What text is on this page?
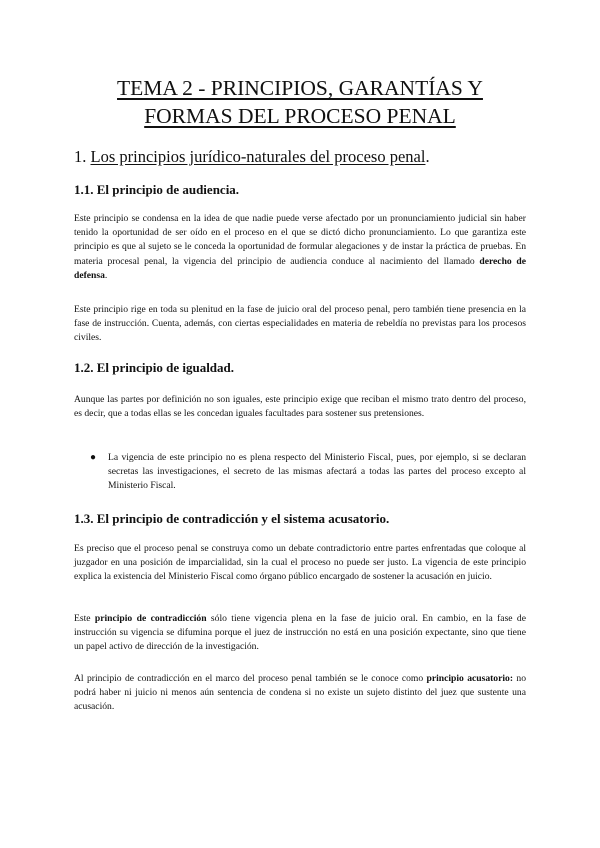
TEMA 2 - PRINCIPIOS, GARANTÍAS Y
FORMAS DEL PROCESO PENAL
1. Los principios jurídico-naturales del proceso penal.
1.1. El principio de audiencia.

Este principio se condensa en la idea de que nadie puede verse afectado por un pronunciamiento judicial sin haber tenido la oportunidad de ser oído en el proceso en el que se dictó dicho pronunciamiento. Lo que garantiza este principio es que al sujeto se le conceda la oportunidad de formular alegaciones y de instar la práctica de pruebas. En materia procesal penal, la vigencia del principio de audiencia conduce al nacimiento del llamado derecho de defensa.

Este principio rige en toda su plenitud en la fase de juicio oral del proceso penal, pero también tiene presencia en la fase de instrucción. Cuenta, además, con ciertas especialidades en materia de rebeldía no previstas para los procesos civiles.

1.2. El principio de igualdad.

Aunque las partes por definición no son iguales, este principio exige que reciban el mismo trato dentro del proceso, es decir, que a todas ellas se les concedan iguales facultades para sostener sus pretensiones.

● La vigencia de este principio no es plena respecto del Ministerio Fiscal, pues, por ejemplo, si se declaran secretas las investigaciones, el secreto de las mismas afectará a todas las partes del proceso excepto al Ministerio Fiscal.

1.3. El principio de contradicción y el sistema acusatorio.

Es preciso que el proceso penal se construya como un debate contradictorio entre partes enfrentadas que coloque al juzgador en una posición de imparcialidad, sin la cual el proceso no puede ser justo. La vigencia de este principio explica la existencia del Ministerio Fiscal como órgano público encargado de sostener la acusación en juicio.

Este principio de contradicción sólo tiene vigencia plena en la fase de juicio oral. En cambio, en la fase de instrucción su vigencia se difumina porque el juez de instrucción no está en una posición expectante, sino que tiene un papel activo de dirección de la investigación.

Al principio de contradicción en el marco del proceso penal también se le conoce como principio acusatorio: no podrá haber ni juicio ni menos aún sentencia de condena si no existe un sujeto distinto del juez que sustente una acusación.
